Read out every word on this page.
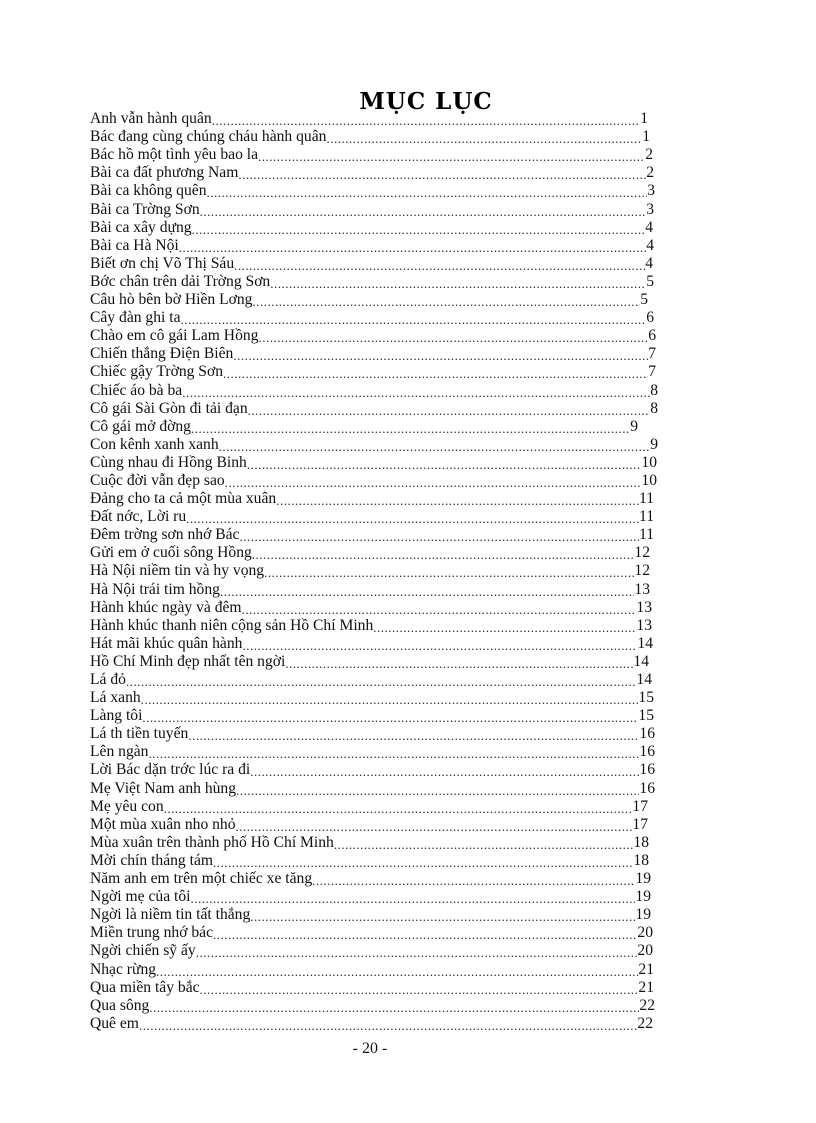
MỤC LỤC
Anh vẫn hành quân .....	1
Bác đang cùng chúng cháu hành quân .....	1
Bác hồ một tình yêu bao la .....	2
Bài ca đất phương Nam .....	2
Bài ca không quên .....	3
Bài ca Trờng Sơn .....	3
Bài ca xây dựng .....	4
Bài ca Hà Nội .....	4
Biết ơn chị Võ Thị Sáu .....	4
Bớc chân trên dải Trờng Sơn .....	5
Câu hò bên bờ Hiền Lơng .....	5
Cây đàn ghi ta .....	6
Chào em cô gái Lam Hồng .....	6
Chiến thắng Điện Biên .....	7
Chiếc gậy Trờng Sơn .....	7
Chiếc áo bà ba .....	8
Cô gái Sài Gòn đi tải đạn .....	8
Cô gái mở đờng .....	9
Con kênh xanh xanh .....	9
Cùng nhau đi Hồng Binh .....	10
Cuộc đời vẫn đẹp sao .....	10
Đảng cho ta cả một mùa xuân .....	11
Đất nớc, Lời ru .....	11
Đêm trờng sơn nhớ Bác .....	11
Gửi em ở cuối sông Hồng .....	12
Hà Nội niềm tin và hy vọng .....	12
Hà Nội trái tim hồng .....	13
Hành khúc ngày và đêm .....	13
Hành khúc thanh niên cộng sản Hồ Chí Minh .....	13
Hát mãi khúc quân hành .....	14
Hồ Chí Minh đẹp nhất tên ngời .....	14
Lá đỏ .....	14
Lá xanh .....	15
Làng tôi .....	15
Lá th tiền tuyến .....	16
Lên ngàn .....	16
Lời Bác dặn trớc lúc ra đi .....	16
Mẹ Việt Nam anh hùng .....	16
Mẹ yêu con .....	17
Một mùa xuân nho nhỏ .....	17
Mùa xuân trên thành phố Hồ Chí Minh .....	18
Mời chín tháng tám .....	18
Năm anh em trên một chiếc xe tăng .....	19
Ngời mẹ của tôi .....	19
Ngời là niềm tin tất thắng .....	19
Miền trung nhớ bác .....	20
Ngời chiến sỹ ấy .....	20
Nhạc rừng .....	21
Qua miền tây bắc .....	21
Qua sông .....	22
Quê em .....	22
- 20 -
